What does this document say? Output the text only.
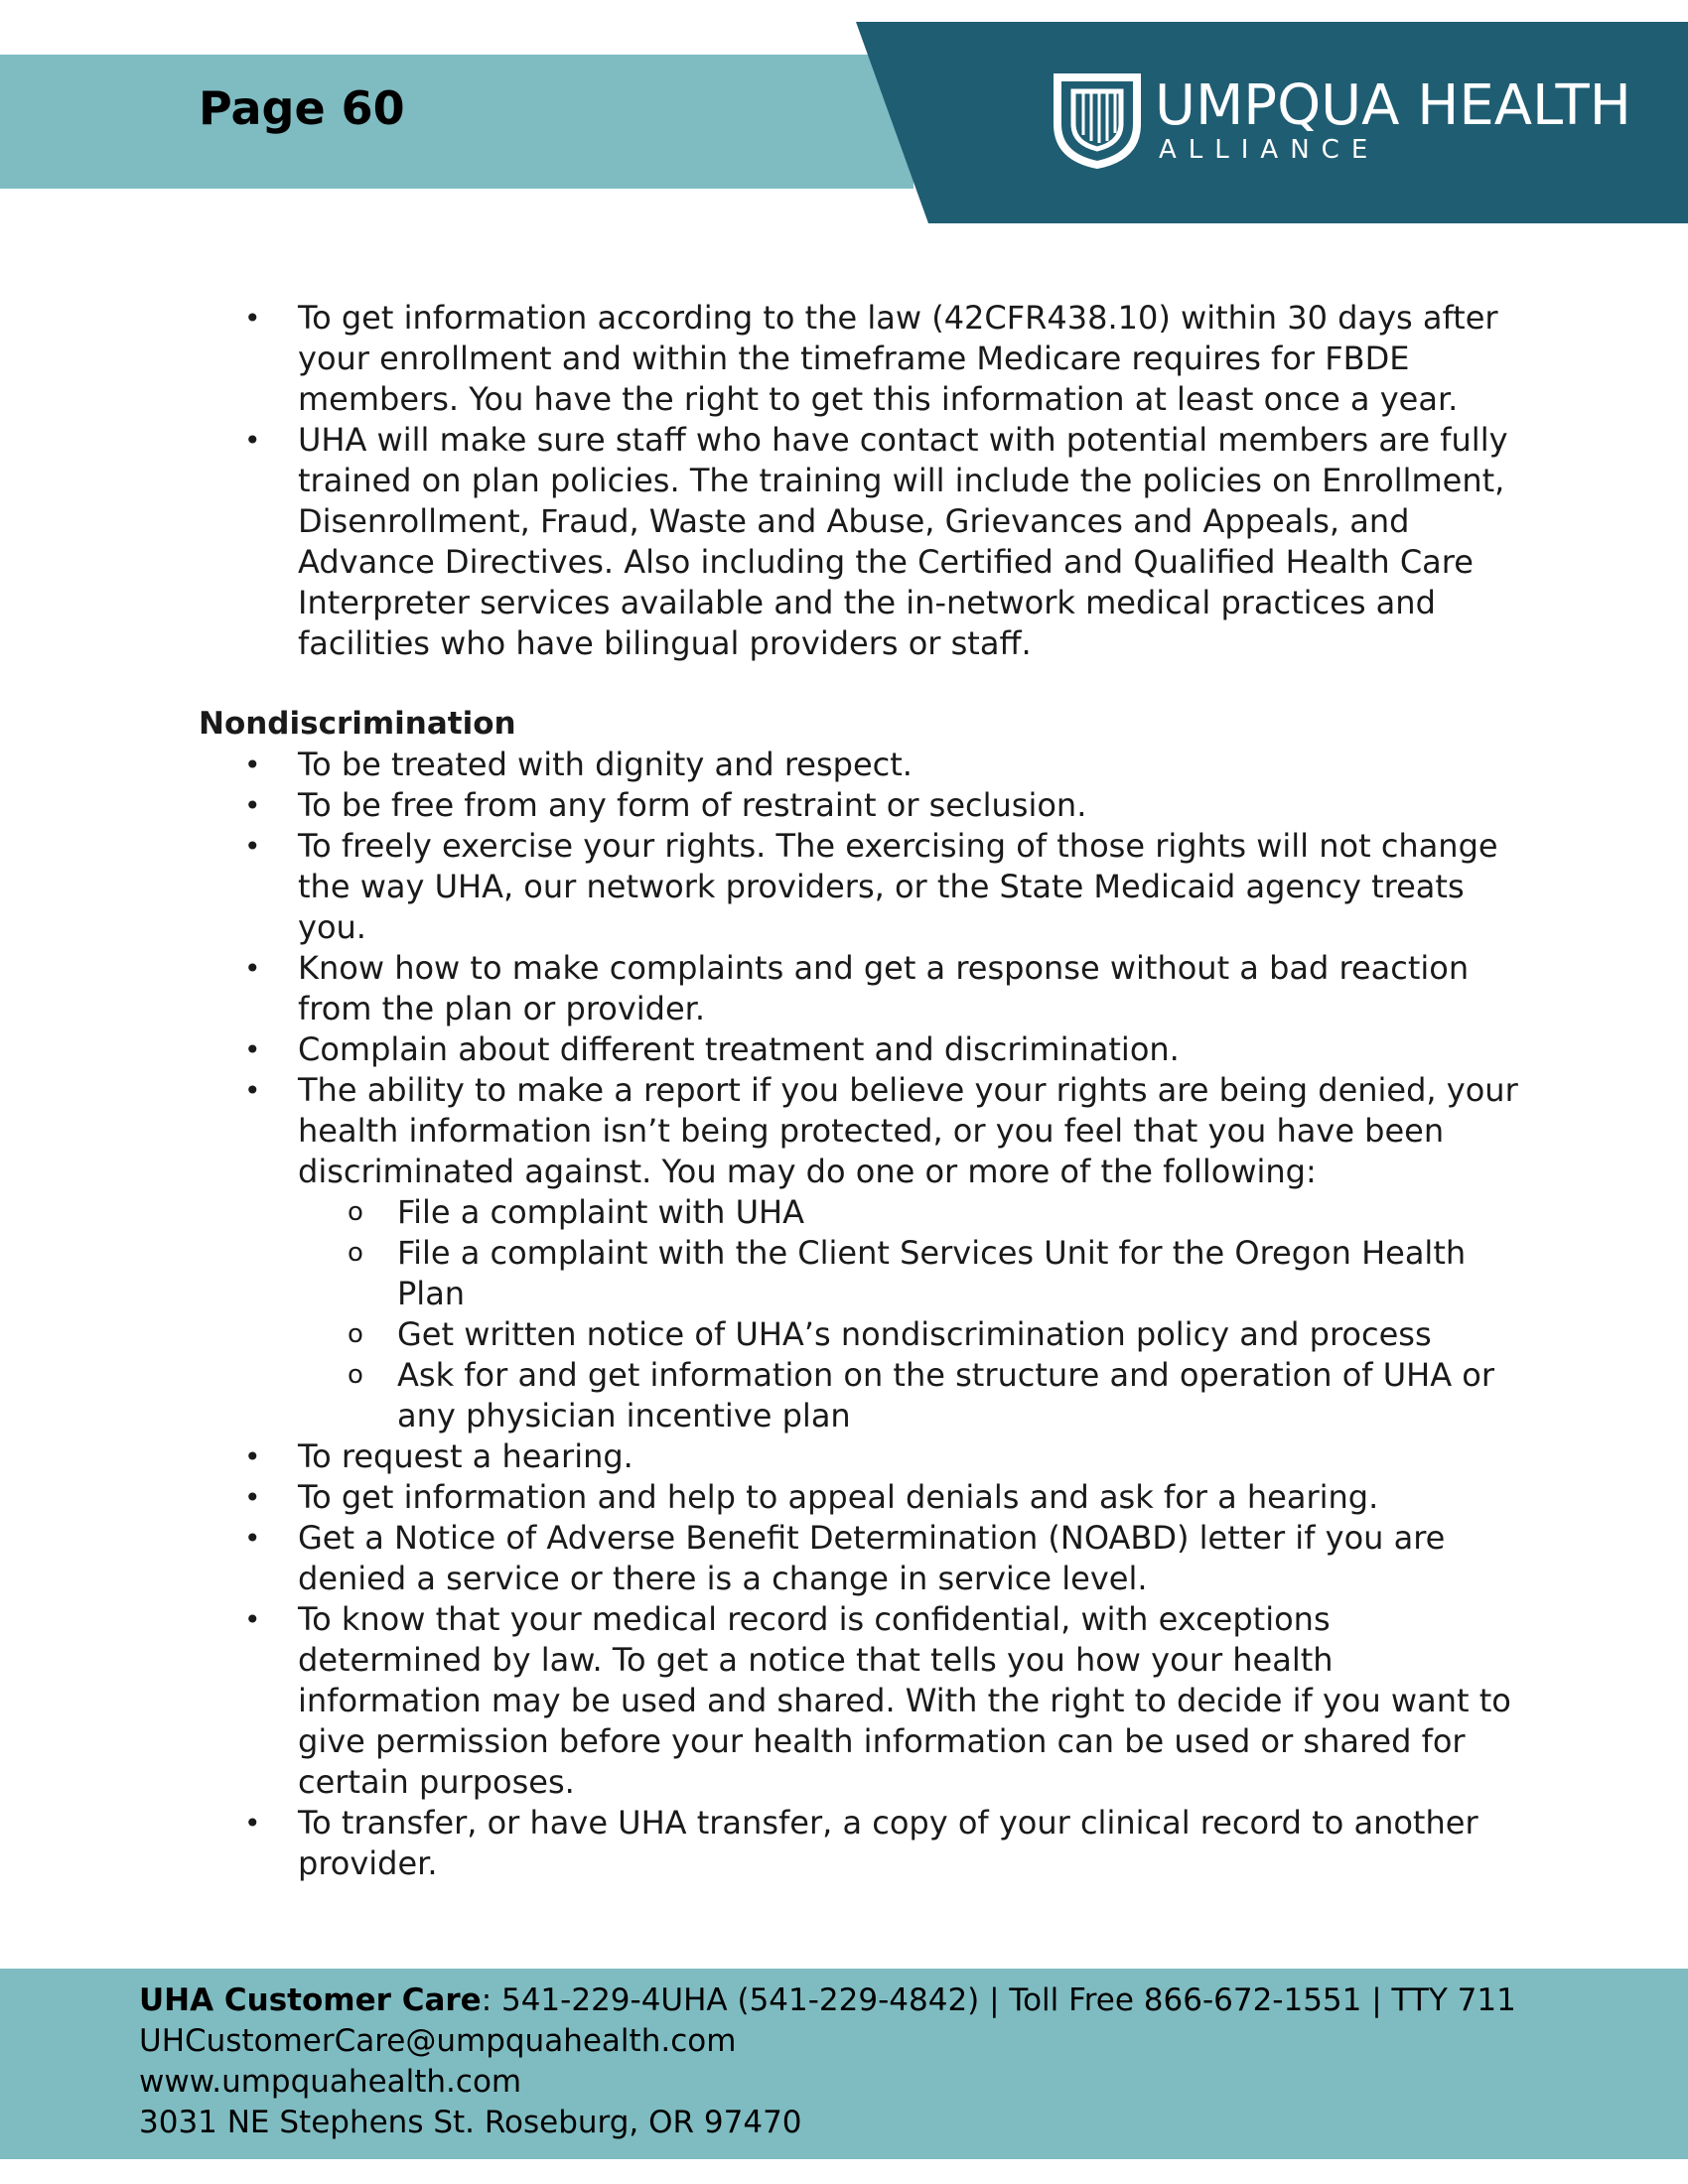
Page 60	UMPQUA HEALTH
ALLIANCE
• To get information according to the law (42CFR438.10) within 30 days after your enrollment and within the timeframe Medicare requires for FBDE members. You have the right to get this information at least once a year.
• UHA will make sure staff who have contact with potential members are fully trained on plan policies. The training will include the policies on Enrollment, Disenrollment, Fraud, Waste and Abuse, Grievances and Appeals, and Advance Directives. Also including the Certified and Qualified Health Care Interpreter services available and the in-network medical practices and facilities who have bilingual providers or staff.
Nondiscrimination
• To be treated with dignity and respect.
• To be free from any form of restraint or seclusion.
• To freely exercise your rights. The exercising of those rights will not change the way UHA, our network providers, or the State Medicaid agency treats you.
• Know how to make complaints and get a response without a bad reaction from the plan or provider.
• Complain about different treatment and discrimination.
• The ability to make a report if you believe your rights are being denied, your health information isn’t being protected, or you feel that you have been discriminated against. You may do one or more of the following:
o File a complaint with UHA
o File a complaint with the Client Services Unit for the Oregon Health Plan
o Get written notice of UHA’s nondiscrimination policy and process
o Ask for and get information on the structure and operation of UHA or any physician incentive plan
• To request a hearing.
• To get information and help to appeal denials and ask for a hearing.
• Get a Notice of Adverse Benefit Determination (NOABD) letter if you are denied a service or there is a change in service level.
• To know that your medical record is confidential, with exceptions determined by law. To get a notice that tells you how your health information may be used and shared. With the right to decide if you want to give permission before your health information can be used or shared for certain purposes.
• To transfer, or have UHA transfer, a copy of your clinical record to another provider.
UHA Customer Care: 541-229-4UHA (541-229-4842) | Toll Free 866-672-1551 | TTY 711
UHCustomerCare@umpquahealth.com
www.umpquahealth.com
3031 NE Stephens St. Roseburg, OR 97470
